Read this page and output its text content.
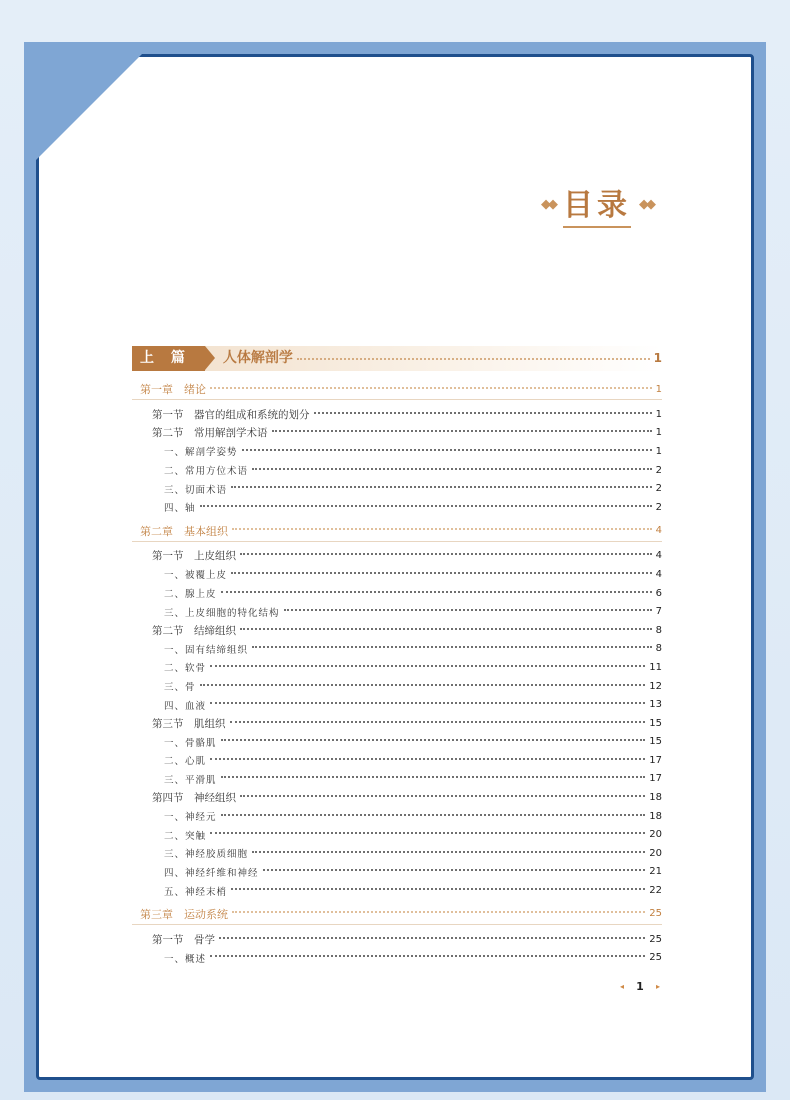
◆◆ 目录 ◆◆
上 篇	人体解剖学	1
第一章　绪论	1
第一节　器官的组成和系统的划分	1
第二节　常用解剖学术语	1
一、解剖学姿势	1
二、常用方位术语	2
三、切面术语	2
四、轴	2
第二章　基本组织	4
第一节　上皮组织	4
一、被覆上皮	4
二、腺上皮	6
三、上皮细胞的特化结构	7
第二节　结缔组织	8
一、固有结缔组织	8
二、软骨	11
三、骨	12
四、血液	13
第三节　肌组织	15
一、骨骼肌	15
二、心肌	17
三、平滑肌	17
第四节　神经组织	18
一、神经元	18
二、突触	20
三、神经胶质细胞	20
四、神经纤维和神经	21
五、神经末梢	22
第三章　运动系统	25
第一节　骨学	25
一、概述	25
◂ 1 ▸
